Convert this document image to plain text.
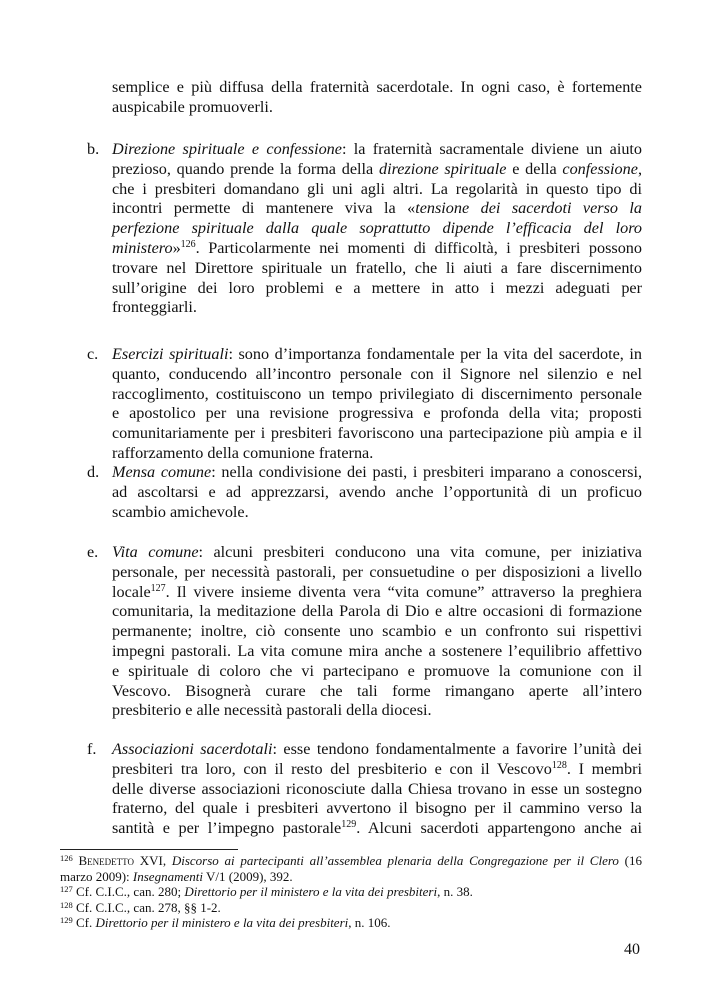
semplice e più diffusa della fraternità sacerdotale. In ogni caso, è fortemente
auspicabile promuoverli.
b. Direzione spirituale e confessione: la fraternità sacramentale diviene un aiuto
prezioso, quando prende la forma della direzione spirituale e della confessione,
che i presbiteri domandano gli uni agli altri. La regolarità in questo tipo di
incontri permette di mantenere viva la «tensione dei sacerdoti verso la
perfezione spirituale dalla quale soprattutto dipende l’efficacia del loro
ministero»$^{126}$. Particolarmente nei momenti di difficoltà, i presbiteri possono
trovare nel Direttore spirituale un fratello, che li aiuti a fare discernimento
sull’origine dei loro problemi e a mettere in atto i mezzi adeguati per
fronteggiarli.
c. Esercizi spirituali: sono d’importanza fondamentale per la vita del sacerdote, in
quanto, conducendo all’incontro personale con il Signore nel silenzio e nel
raccoglimento, costituiscono un tempo privilegiato di discernimento personale
e apostolico per una revisione progressiva e profonda della vita; proposti
comunitariamente per i presbiteri favoriscono una partecipazione più ampia e il
rafforzamento della comunione fraterna.
d. Mensa comune: nella condivisione dei pasti, i presbiteri imparano a conoscersi,
ad ascoltarsi e ad apprezzarsi, avendo anche l’opportunità di un proficuo
scambio amichevole.
e. Vita comune: alcuni presbiteri conducono una vita comune, per iniziativa
personale, per necessità pastorali, per consuetudine o per disposizioni a livello
locale$^{127}$. Il vivere insieme diventa vera “vita comune” attraverso la preghiera
comunitaria, la meditazione della Parola di Dio e altre occasioni di formazione
permanente; inoltre, ciò consente uno scambio e un confronto sui rispettivi
impegni pastorali. La vita comune mira anche a sostenere l’equilibrio affettivo
e spirituale di coloro che vi partecipano e promuove la comunione con il
Vescovo. Bisognerà curare che tali forme rimangano aperte all’intero
presbiterio e alle necessità pastorali della diocesi.
f. Associazioni sacerdotali: esse tendono fondamentalmente a favorire l’unità dei
presbiteri tra loro, con il resto del presbiterio e con il Vescovo$^{128}$. I membri
delle diverse associazioni riconosciute dalla Chiesa trovano in esse un sostegno
fraterno, del quale i presbiteri avvertono il bisogno per il cammino verso la
santità e per l’impegno pastorale$^{129}$. Alcuni sacerdoti appartengono anche ai
$^{126}$ Benedetto XVI, Discorso ai partecipanti all’assemblea plenaria della Congregazione per il Clero (16
marzo 2009): Insegnamenti V/1 (2009), 392.
$^{127}$ Cf. C.I.C., can. 280; Direttorio per il ministero e la vita dei presbiteri, n. 38.
$^{128}$ Cf. C.I.C., can. 278, §§ 1-2.
$^{129}$ Cf. Direttorio per il ministero e la vita dei presbiteri, n. 106.
40
